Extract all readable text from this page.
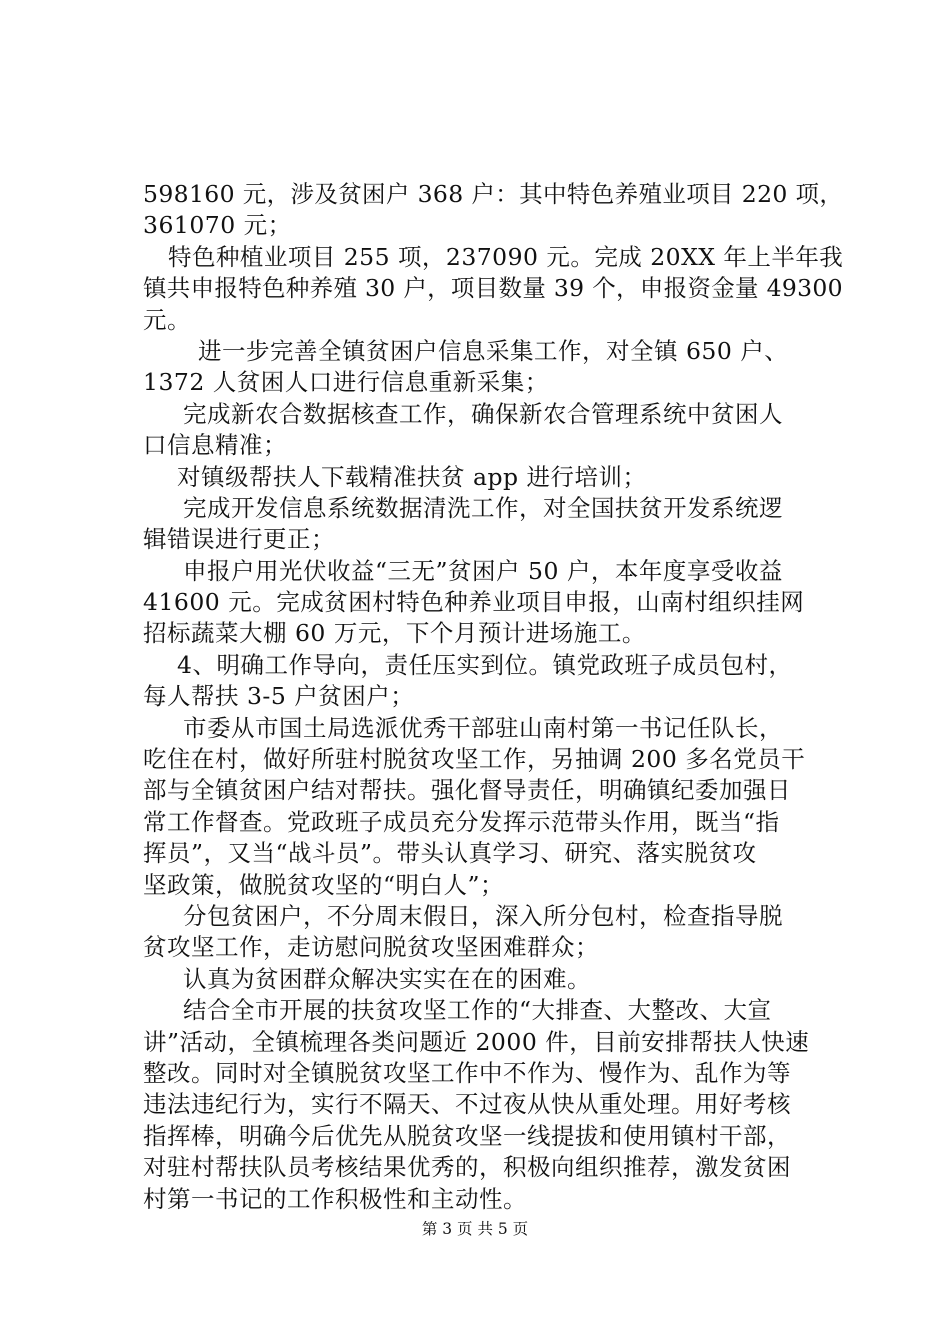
598160 元，涉及贫困户 368 户：其中特色养殖业项目 220 项，
361070 元；
特色种植业项目 255 项，237090 元。完成 20XX 年上半年我
镇共申报特色种养殖 30 户，项目数量 39 个，申报资金量 49300
元。
进一步完善全镇贫困户信息采集工作，对全镇 650 户、
1372 人贫困人口进行信息重新采集；
完成新农合数据核查工作，确保新农合管理系统中贫困人
口信息精准；
对镇级帮扶人下载精准扶贫 app 进行培训；
完成开发信息系统数据清洗工作，对全国扶贫开发系统逻
辑错误进行更正；
申报户用光伏收益“三无”贫困户 50 户，本年度享受收益
41600 元。完成贫困村特色种养业项目申报，山南村组织挂网
招标蔬菜大棚 60 万元，下个月预计进场施工。
4、明确工作导向，责任压实到位。镇党政班子成员包村，
每人帮扶 3-5 户贫困户；
市委从市国土局选派优秀干部驻山南村第一书记任队长，
吃住在村，做好所驻村脱贫攻坚工作，另抽调 200 多名党员干
部与全镇贫困户结对帮扶。强化督导责任，明确镇纪委加强日
常工作督查。党政班子成员充分发挥示范带头作用，既当“指
挥员”，又当“战斗员”。带头认真学习、研究、落实脱贫攻
坚政策，做脱贫攻坚的“明白人”；
分包贫困户，不分周末假日，深入所分包村，检查指导脱
贫攻坚工作，走访慰问脱贫攻坚困难群众；
认真为贫困群众解决实实在在的困难。
结合全市开展的扶贫攻坚工作的“大排查、大整改、大宣
讲”活动，全镇梳理各类问题近 2000 件，目前安排帮扶人快速
整改。同时对全镇脱贫攻坚工作中不作为、慢作为、乱作为等
违法违纪行为，实行不隔天、不过夜从快从重处理。用好考核
指挥棒，明确今后优先从脱贫攻坚一线提拔和使用镇村干部，
对驻村帮扶队员考核结果优秀的，积极向组织推荐，激发贫困
村第一书记的工作积极性和主动性。
第 3 页 共 5 页
